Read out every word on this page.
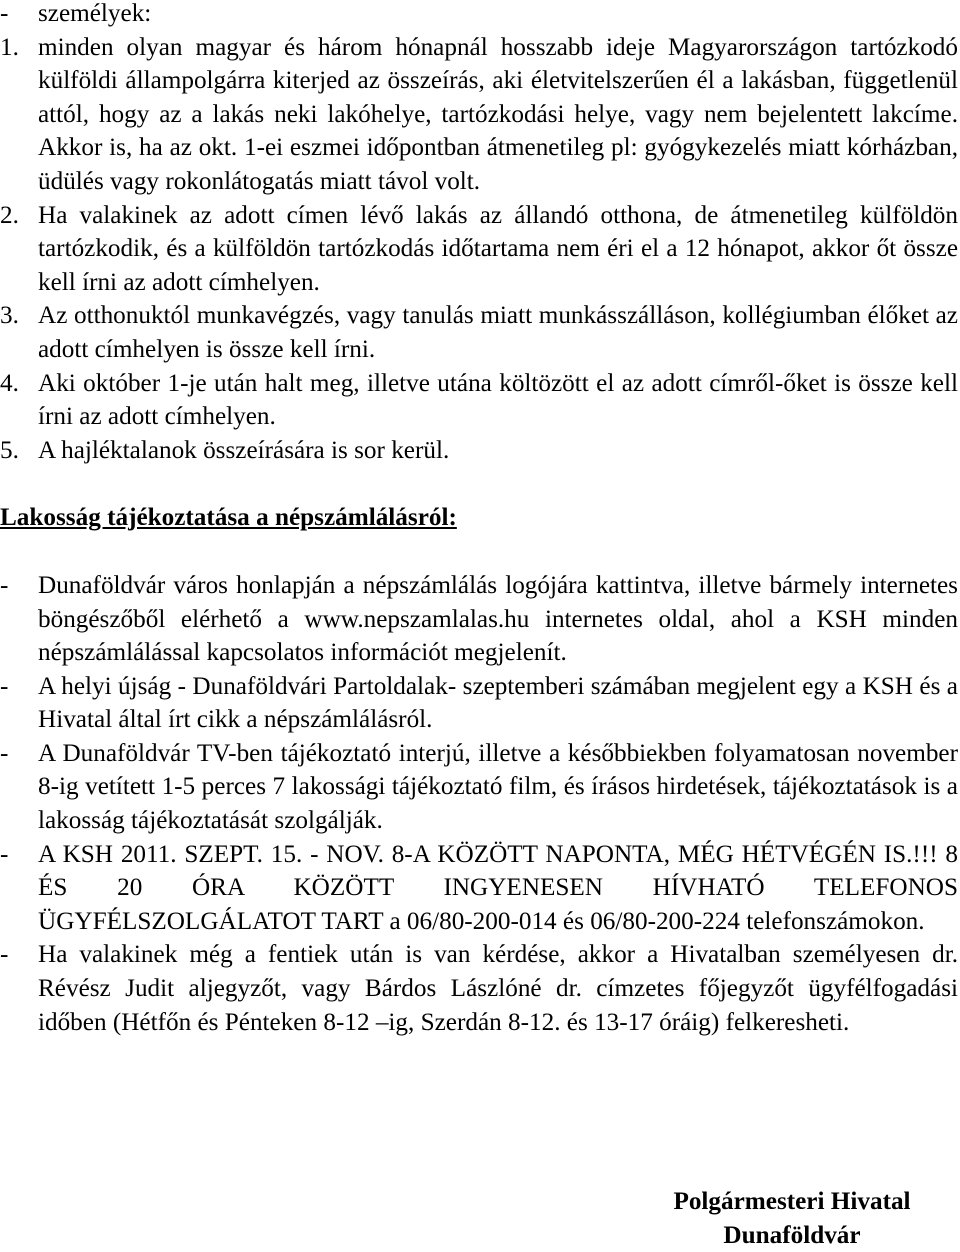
-	személyek:
1. minden olyan magyar és három hónapnál hosszabb ideje Magyarországon tartózkodó külföldi állampolgárra kiterjed az összeírás, aki életvitelszerűen él a lakásban, függetlenül attól, hogy az a lakás neki lakóhelye, tartózkodási helye, vagy nem bejelentett lakcíme. Akkor is, ha az okt. 1-ei eszmei időpontban átmenetileg pl: gyógykezelés miatt kórházban, üdülés vagy rokonlátogatás miatt távol volt.
2. Ha valakinek az adott címen lévő lakás az állandó otthona, de átmenetileg külföldön tartózkodik, és a külföldön tartózkodás időtartama nem éri el a 12 hónapot, akkor őt össze kell írni az adott címhelyen.
3. Az otthonuktól munkavégzés, vagy tanulás miatt munkásszálláson, kollégiumban élőket az adott címhelyen is össze kell írni.
4. Aki október 1-je után halt meg, illetve utána költözött el az adott címről-őket is össze kell írni az adott címhelyen.
5. A hajléktalanok összeírására is sor kerül.
Lakosság tájékoztatása a népszámlálásról:
-	Dunaföldvár város honlapján a népszámlálás logójára kattintva, illetve bármely internetes böngészőből elérhető a www.nepszamlalas.hu internetes oldal, ahol a KSH minden népszámlálással kapcsolatos információt megjelenít.
-	A helyi újság - Dunaföldvári Partoldalak- szeptemberi számában megjelent egy a KSH és a Hivatal által írt cikk a népszámlálásról.
-	A Dunaföldvár TV-ben tájékoztató interjú, illetve a későbbiekben folyamatosan november 8-ig vetített 1-5 perces 7 lakossági tájékoztató film, és írásos hirdetések, tájékoztatások is a lakosság tájékoztatását szolgálják.
-	A KSH 2011. SZEPT. 15. - NOV. 8-A KÖZÖTT NAPONTA, MÉG HÉTVÉGÉN IS.!!! 8 ÉS 20 ÓRA KÖZÖTT INGYENESEN HÍVHATÓ TELEFONOS ÜGYFÉLSZOLGÁLATOT TART a 06/80-200-014 és 06/80-200-224 telefonszámokon.
-	Ha valakinek még a fentiek után is van kérdése, akkor a Hivatalban személyesen dr. Révész Judit aljegyzőt, vagy Bárdos Lászlóné dr. címzetes főjegyzőt ügyfélfogadási időben (Hétfőn és Pénteken 8-12 –ig, Szerdán 8-12. és 13-17 óráig) felkeresheti.
Polgármesteri Hivatal
Dunaföldvár
